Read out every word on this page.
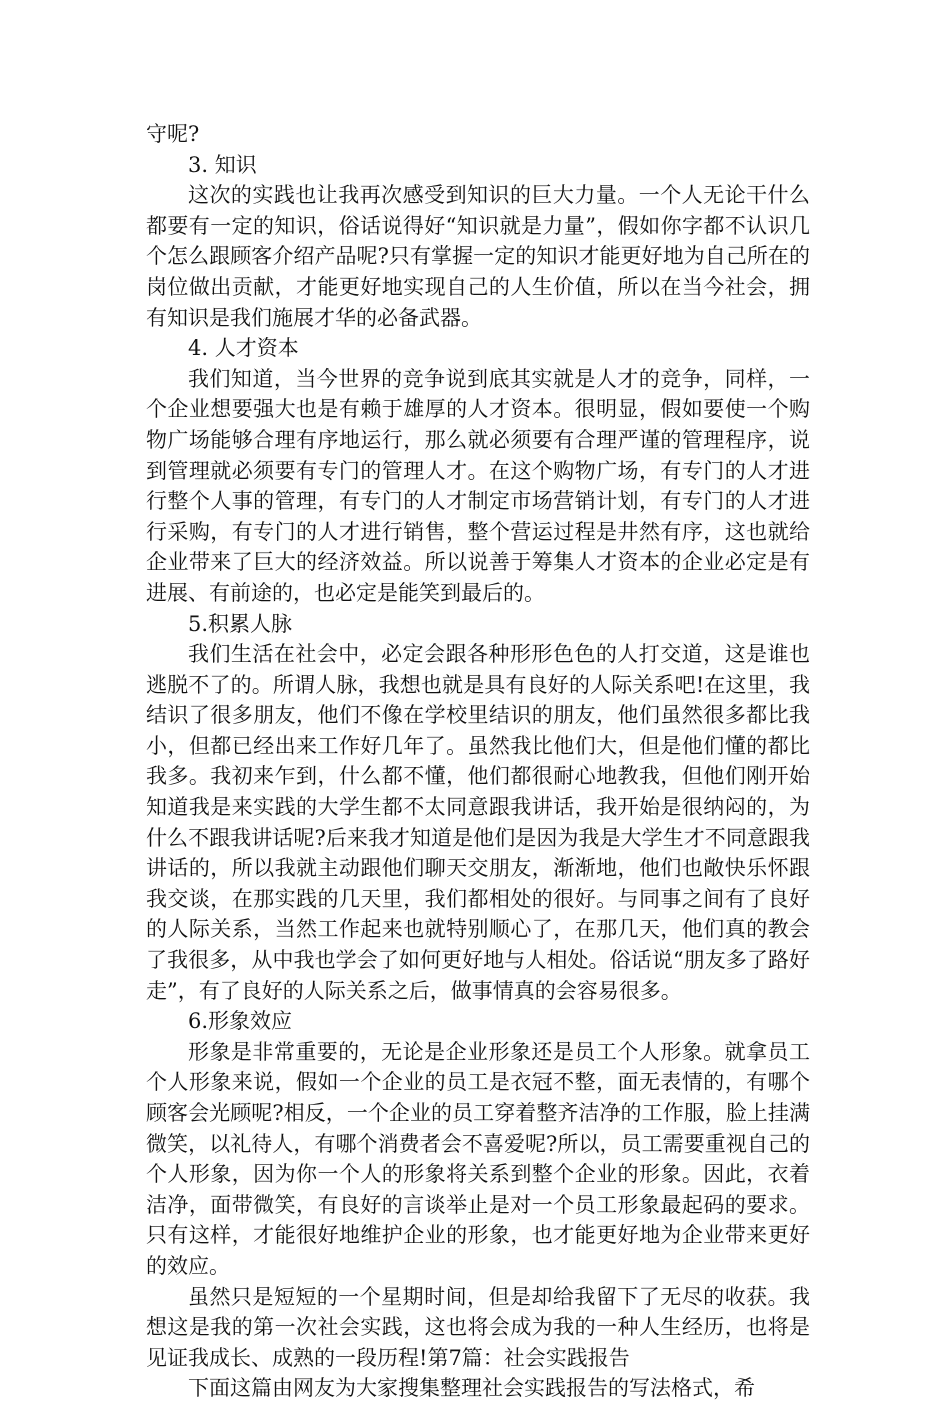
守呢?

3. 知识

这次的实践也让我再次感受到知识的巨大力量。一个人无论干什么都要有一定的知识，俗话说得好“知识就是力量”，假如你字都不认识几个怎么跟顾客介绍产品呢?只有掌握一定的知识才能更好地为自己所在的岗位做出贡献，才能更好地实现自己的人生价值，所以在当今社会，拥有知识是我们施展才华的必备武器。

4. 人才资本

我们知道，当今世界的竞争说到底其实就是人才的竞争，同样，一个企业想要强大也是有赖于雄厚的人才资本。很明显，假如要使一个购物广场能够合理有序地运行，那么就必须要有合理严谨的管理程序，说到管理就必须要有专门的管理人才。在这个购物广场，有专门的人才进行整个人事的管理，有专门的人才制定市场营销计划，有专门的人才进行采购，有专门的人才进行销售，整个营运过程是井然有序，这也就给企业带来了巨大的经济效益。所以说善于筹集人才资本的企业必定是有进展、有前途的，也必定是能笑到最后的。

5.积累人脉

我们生活在社会中，必定会跟各种形形色色的人打交道，这是谁也逃脱不了的。所谓人脉，我想也就是具有良好的人际关系吧!在这里，我结识了很多朋友，他们不像在学校里结识的朋友，他们虽然很多都比我小，但都已经出来工作好几年了。虽然我比他们大，但是他们懂的都比我多。我初来乍到，什么都不懂，他们都很耐心地教我，但他们刚开始知道我是来实践的大学生都不太同意跟我讲话，我开始是很纳闷的，为什么不跟我讲话呢?后来我才知道是他们是因为我是大学生才不同意跟我讲话的，所以我就主动跟他们聊天交朋友，渐渐地，他们也敞快乐怀跟我交谈，在那实践的几天里，我们都相处的很好。与同事之间有了良好的人际关系，当然工作起来也就特别顺心了，在那几天，他们真的教会了我很多，从中我也学会了如何更好地与人相处。俗话说“朋友多了路好走”，有了良好的人际关系之后，做事情真的会容易很多。

6.形象效应

形象是非常重要的，无论是企业形象还是员工个人形象。就拿员工个人形象来说，假如一个企业的员工是衣冠不整，面无表情的，有哪个顾客会光顾呢?相反，一个企业的员工穿着整齐洁净的工作服，脸上挂满微笑，以礼待人，有哪个消费者会不喜爱呢?所以，员工需要重视自己的个人形象，因为你一个人的形象将关系到整个企业的形象。因此，衣着洁净，面带微笑，有良好的言谈举止是对一个员工形象最起码的要求。只有这样，才能很好地维护企业的形象，也才能更好地为企业带来更好的效应。

虽然只是短短的一个星期时间，但是却给我留下了无尽的收获。我想这是我的第一次社会实践，这也将会成为我的一种人生经历，也将是见证我成长、成熟的一段历程!第7篇：社会实践报告

下面这篇由网友为大家搜集整理社会实践报告的写法格式，希
